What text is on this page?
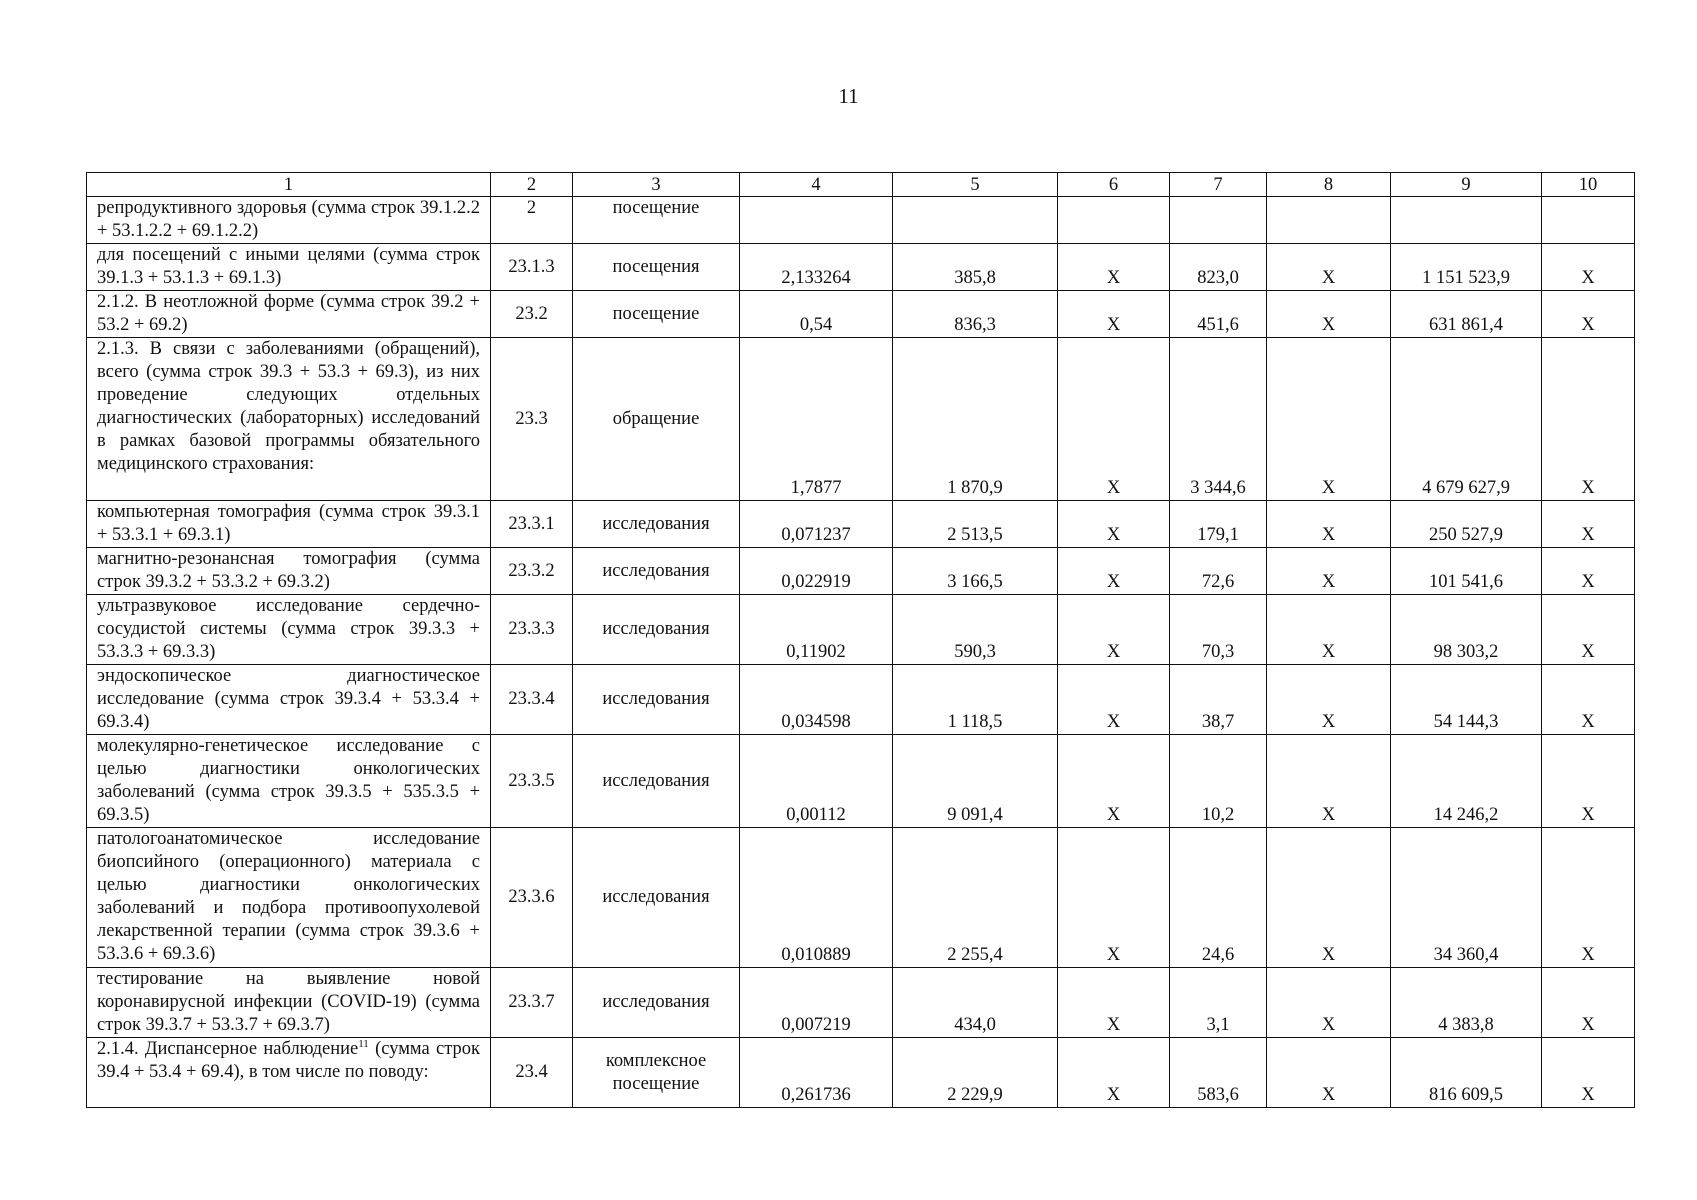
11
1	2	3	4	5	6	7	8	9	10
репродуктивного здоровья (сумма строк 39.1.2.2 + 53.1.2.2 + 69.1.2.2)	2	посещение							
для посещений с иными целями (сумма строк 39.1.3 + 53.1.3 + 69.1.3)	23.1.3	посещения	2,133264	385,8	Х	823,0	Х	1 151 523,9	Х
2.1.2. В неотложной форме (сумма строк 39.2 + 53.2 + 69.2)	23.2	посещение	0,54	836,3	Х	451,6	Х	631 861,4	Х
2.1.3. В связи с заболеваниями (обращений), всего (сумма строк 39.3 + 53.3 + 69.3), из них проведение следующих отдельных диагностических (лабораторных) исследований в рамках базовой программы обязательного медицинского страхования:	23.3	обращение	1,7877	1 870,9	Х	3 344,6	Х	4 679 627,9	Х
компьютерная томография (сумма строк 39.3.1 + 53.3.1 + 69.3.1)	23.3.1	исследования	0,071237	2 513,5	Х	179,1	Х	250 527,9	Х
магнитно-резонансная томография (сумма строк 39.3.2 + 53.3.2 + 69.3.2)	23.3.2	исследования	0,022919	3 166,5	Х	72,6	Х	101 541,6	Х
ультразвуковое исследование сердечно-сосудистой системы (сумма строк 39.3.3 + 53.3.3 + 69.3.3)	23.3.3	исследования	0,11902	590,3	Х	70,3	Х	98 303,2	Х
эндоскопическое диагностическое исследование (сумма строк 39.3.4 + 53.3.4 + 69.3.4)	23.3.4	исследования	0,034598	1 118,5	Х	38,7	Х	54 144,3	Х
молекулярно-генетическое исследование с целью диагностики онкологических заболеваний (сумма строк 39.3.5 + 535.3.5 + 69.3.5)	23.3.5	исследования	0,00112	9 091,4	Х	10,2	Х	14 246,2	Х
патологоанатомическое исследование биопсийного (операционного) материала с целью диагностики онкологических заболеваний и подбора противоопухолевой лекарственной терапии (сумма строк 39.3.6 + 53.3.6 + 69.3.6)	23.3.6	исследования	0,010889	2 255,4	Х	24,6	Х	34 360,4	Х
тестирование на выявление новой коронавирусной инфекции (COVID-19) (сумма строк 39.3.7 + 53.3.7 + 69.3.7)	23.3.7	исследования	0,007219	434,0	Х	3,1	Х	4 383,8	Х
2.1.4. Диспансерное наблюдение$^{11}$ (сумма строк 39.4 + 53.4 + 69.4), в том числе по поводу:	23.4	комплексное посещение	0,261736	2 229,9	Х	583,6	Х	816 609,5	Х
